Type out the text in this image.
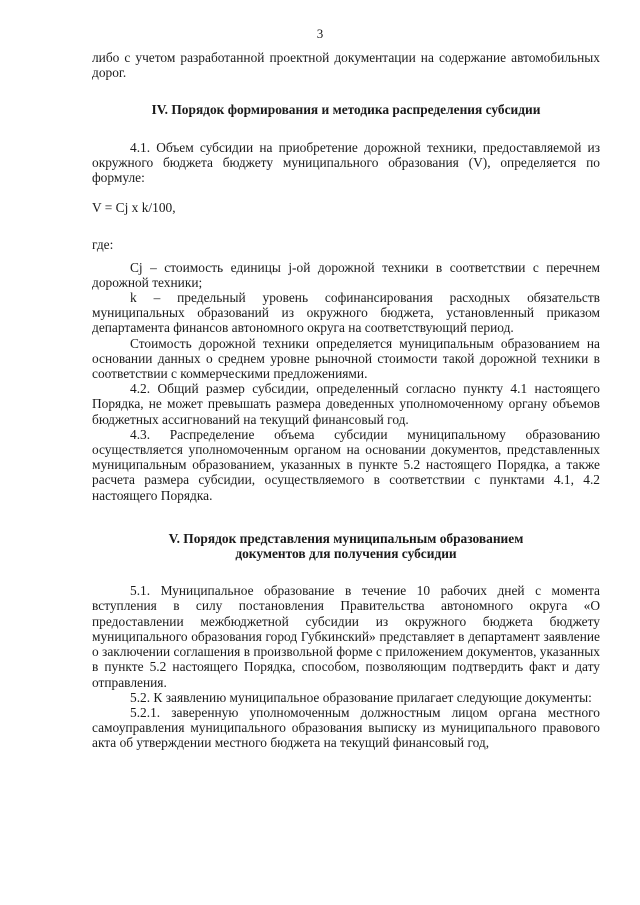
3

либо с учетом разработанной проектной документации на содержание автомобильных дорог.

IV. Порядок формирования и методика распределения субсидии

4.1. Объем субсидии на приобретение дорожной техники, предоставляемой из окружного бюджета бюджету муниципального образования (V), определяется по формуле:

V = Cj x k/100,

где:

Cj – стоимость единицы j-ой дорожной техники в соответствии с перечнем дорожной техники;

k – предельный уровень софинансирования расходных обязательств муниципальных образований из окружного бюджета, установленный приказом департамента финансов автономного округа на соответствующий период.

Стоимость дорожной техники определяется муниципальным образованием на основании данных о среднем уровне рыночной стоимости такой дорожной техники в соответствии с коммерческими предложениями.

4.2. Общий размер субсидии, определенный согласно пункту 4.1 настоящего Порядка, не может превышать размера доведенных уполномоченному органу объемов бюджетных ассигнований на текущий финансовый год.

4.3. Распределение объема субсидии муниципальному образованию осуществляется уполномоченным органом на основании документов, представленных муниципальным образованием, указанных в пункте 5.2 настоящего Порядка, а также расчета размера субсидии, осуществляемого в соответствии с пунктами 4.1, 4.2 настоящего Порядка.

V. Порядок представления муниципальным образованием
документов для получения субсидии

5.1. Муниципальное образование в течение 10 рабочих дней с момента вступления в силу постановления Правительства автономного округа «О предоставлении межбюджетной субсидии из окружного бюджета бюджету муниципального образования город Губкинский» представляет в департамент заявление о заключении соглашения в произвольной форме с приложением документов, указанных в пункте 5.2 настоящего Порядка, способом, позволяющим подтвердить факт и дату отправления.

5.2. К заявлению муниципальное образование прилагает следующие документы:

5.2.1. заверенную уполномоченным должностным лицом органа местного самоуправления муниципального образования выписку из муниципального правового акта об утверждении местного бюджета на текущий финансовый год,
